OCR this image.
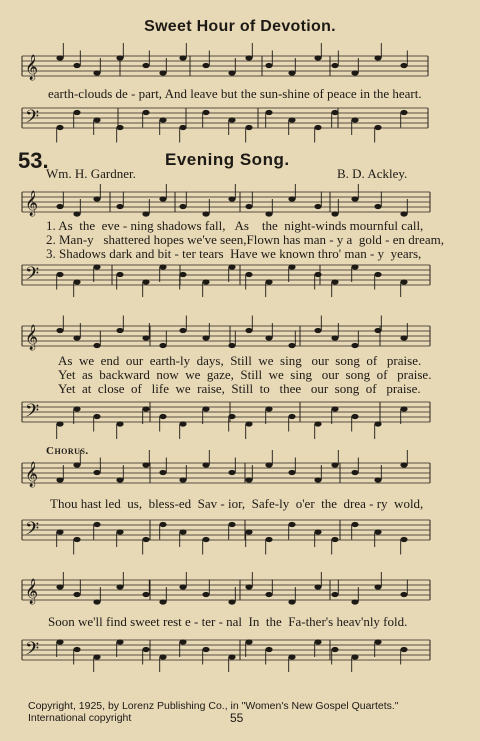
𝄞
𝄢
𝄞
𝄢
𝄞
𝄢
𝄞
𝄢
𝄞
𝄢
Sweet Hour of Devotion.
earth-clouds de - part, And leave but the sun-shine of peace in the heart.
53.	Evening Song.
Wm. H. Gardner.	B. D. Ackley.
1. As  the  eve - ning shadows fall,   As    the  night-winds mournful call,
2. Man-y   shattered hopes we've seen,Flown has man - y a  gold - en dream,
3. Shadows dark and bit - ter tears  Have we known thro' man - y  years,
As  we  end  our  earth-ly  days,  Still  we  sing   our  song  of   praise.
Yet  as  backward  now  we  gaze,  Still  we  sing   our  song  of   praise.
Yet  at  close  of   life  we  raise,  Still  to   thee   our  song  of   praise.
Chorus.
Thou hast led  us,  bless-ed  Sav - ior,  Safe-ly  o'er  the  drea - ry  wold,
Soon we'll find sweet rest e - ter - nal  In  the  Fa-ther's heav'nly fold.
Copyright, 1925, by Lorenz Publishing Co., in "Women's New Gospel Quartets."
International copyright	55
